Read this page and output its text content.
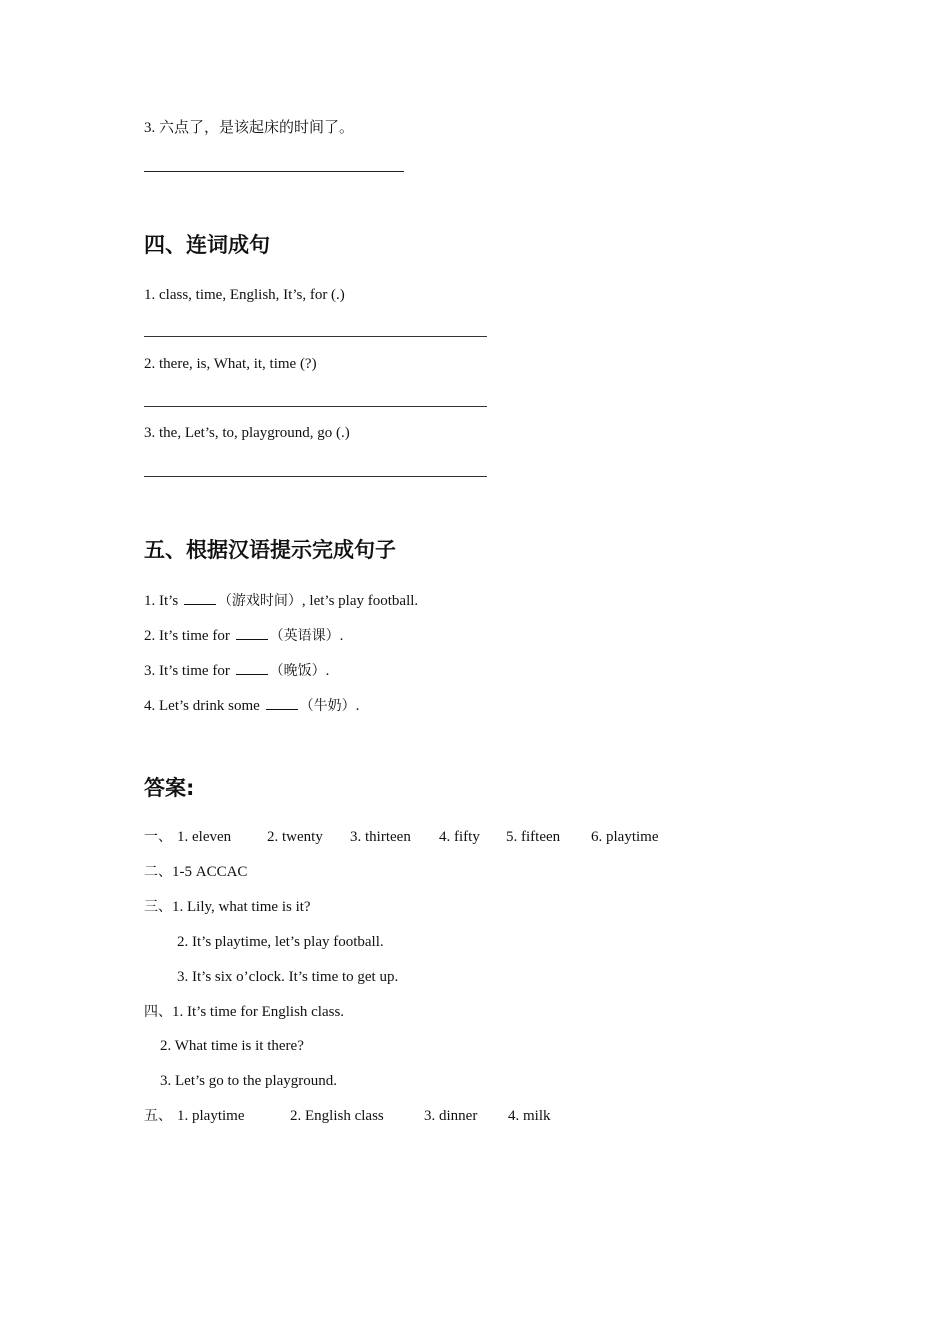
3. 六点了，是该起床的时间了。
四、连词成句
1. class, time, English, It’s, for (.)
2. there, is, What, it, time (?)
3. the, Let’s, to, playground, go (.)
五、根据汉语提示完成句子
1. It’s	（游戏时间）, let’s play football.
2. It’s time for	（英语课）.
3. It’s time for	（晚饭）.
4. Let’s drink some	（牛奶）.
答案:
一、 1. eleven 2. twenty 3. thirteen 4. fifty 5. fifteen 6. playtime
二、1-5 ACCAC
三、1. Lily, what time is it?
2. It’s playtime, let’s play football.
3. It’s six o’clock. It’s time to get up.
四、1. It’s time for English class.
2. What time is it there?
3. Let’s go to the playground.
五、 1. playtime	2. English class	3. dinner 4. milk
